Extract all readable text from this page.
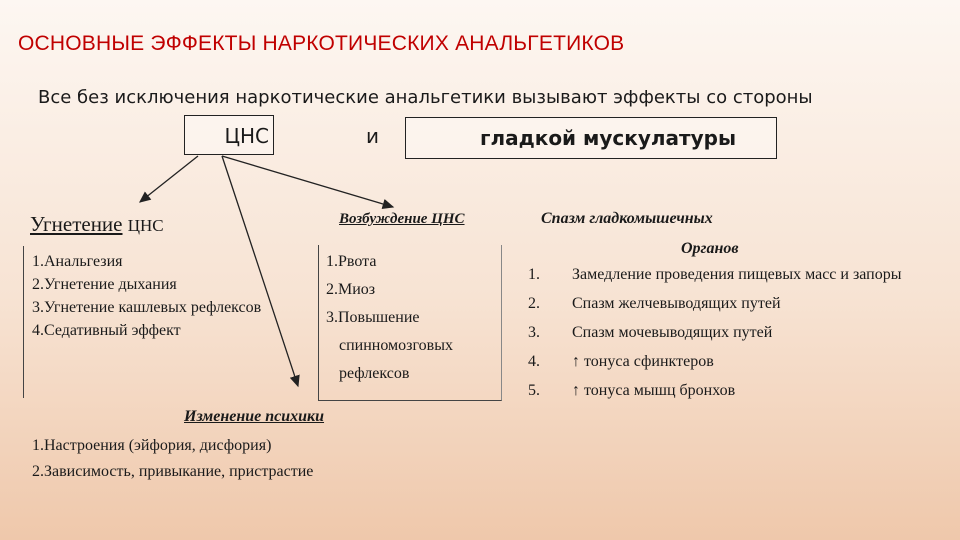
ОСНОВНЫЕ ЭФФЕКТЫ НАРКОТИЧЕСКИХ АНАЛЬГЕТИКОВ
Все без исключения наркотические анальгетики вызывают эффекты со стороны
ЦНС	и	гладкой мускулатуры
Угнетение ЦНС
1.Анальгезия
2.Угнетение дыхания
3.Угнетение кашлевых рефлексов
4.Седативный эффект
Возбуждение ЦНС
1.Рвота
2.Миоз
3.Повышение
спинномозговых
рефлексов
Спазм гладкомышечных
Органов
1.	Замедление проведения пищевых масс и запоры
2.	Спазм желчевыводящих путей
3.	Спазм мочевыводящих путей
4.	↑ тонуса сфинктеров
5.	↑ тонуса мышц бронхов
Изменение психики
1.Настроения (эйфория, дисфория)
2.Зависимость, привыкание, пристрастие
